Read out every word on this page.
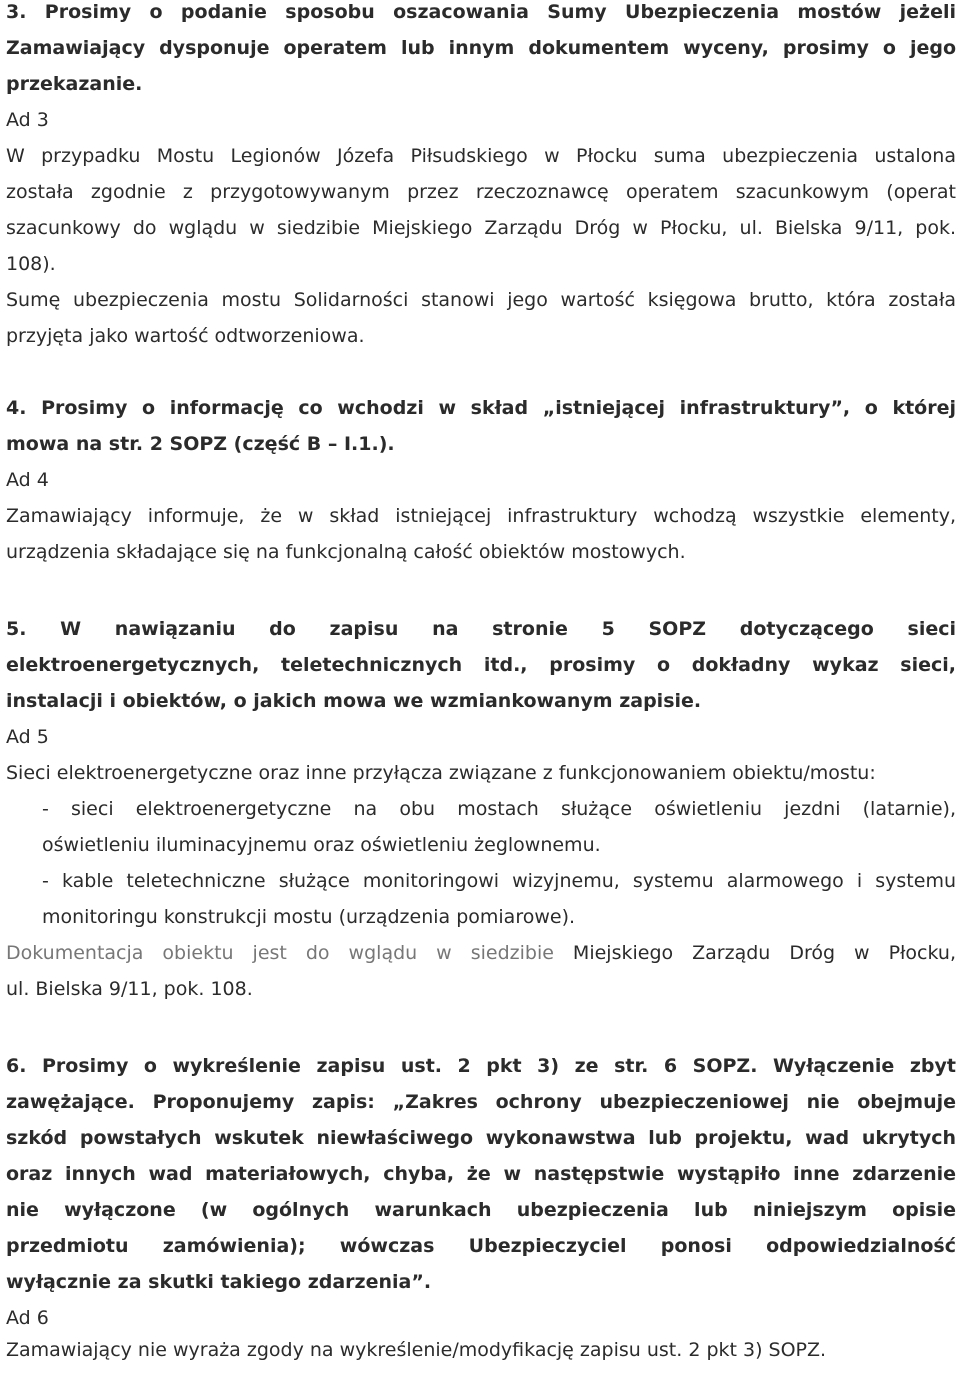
3. Prosimy o podanie sposobu oszacowania Sumy Ubezpieczenia mostów jeżeli
Zamawiający dysponuje operatem lub innym dokumentem wyceny, prosimy o jego
przekazanie.
Ad 3
W przypadku Mostu Legionów Józefa Piłsudskiego w Płocku suma ubezpieczenia ustalona
została zgodnie z przygotowywanym przez rzeczoznawcę operatem szacunkowym (operat
szacunkowy do wglądu w siedzibie Miejskiego Zarządu Dróg w Płocku, ul. Bielska 9/11, pok.
108).
Sumę ubezpieczenia mostu Solidarności stanowi jego wartość księgowa brutto, która została
przyjęta jako wartość odtworzeniowa.
4. Prosimy o informację co wchodzi w skład „istniejącej infrastruktury”, o której
mowa na str. 2 SOPZ (część B – I.1.).
Ad 4
Zamawiający informuje, że w skład istniejącej infrastruktury wchodzą wszystkie elementy,
urządzenia składające się na funkcjonalną całość obiektów mostowych.
5. W nawiązaniu do zapisu na stronie 5 SOPZ dotyczącego sieci
elektroenergetycznych, teletechnicznych itd., prosimy o dokładny wykaz sieci,
instalacji i obiektów, o jakich mowa we wzmiankowanym zapisie.
Ad 5
Sieci elektroenergetyczne oraz inne przyłącza związane z funkcjonowaniem obiektu/mostu:
- sieci elektroenergetyczne na obu mostach służące oświetleniu jezdni (latarnie),
oświetleniu iluminacyjnemu oraz oświetleniu żeglownemu.
- kable teletechniczne służące monitoringowi wizyjnemu, systemu alarmowego i systemu
monitoringu konstrukcji mostu (urządzenia pomiarowe).
Dokumentacja obiektu jest do wglądu w siedzibie Miejskiego Zarządu Dróg w Płocku,
ul. Bielska 9/11, pok. 108.
6. Prosimy o wykreślenie zapisu ust. 2 pkt 3) ze str. 6 SOPZ. Wyłączenie zbyt
zawężające. Proponujemy zapis: „Zakres ochrony ubezpieczeniowej nie obejmuje
szkód powstałych wskutek niewłaściwego wykonawstwa lub projektu, wad ukrytych
oraz innych wad materiałowych, chyba, że w następstwie wystąpiło inne zdarzenie
nie wyłączone (w ogólnych warunkach ubezpieczenia lub niniejszym opisie
przedmiotu zamówienia); wówczas Ubezpieczyciel ponosi odpowiedzialność
wyłącznie za skutki takiego zdarzenia”.
Ad 6
Zamawiający nie wyraża zgody na wykreślenie/modyfikację zapisu ust. 2 pkt 3) SOPZ.
